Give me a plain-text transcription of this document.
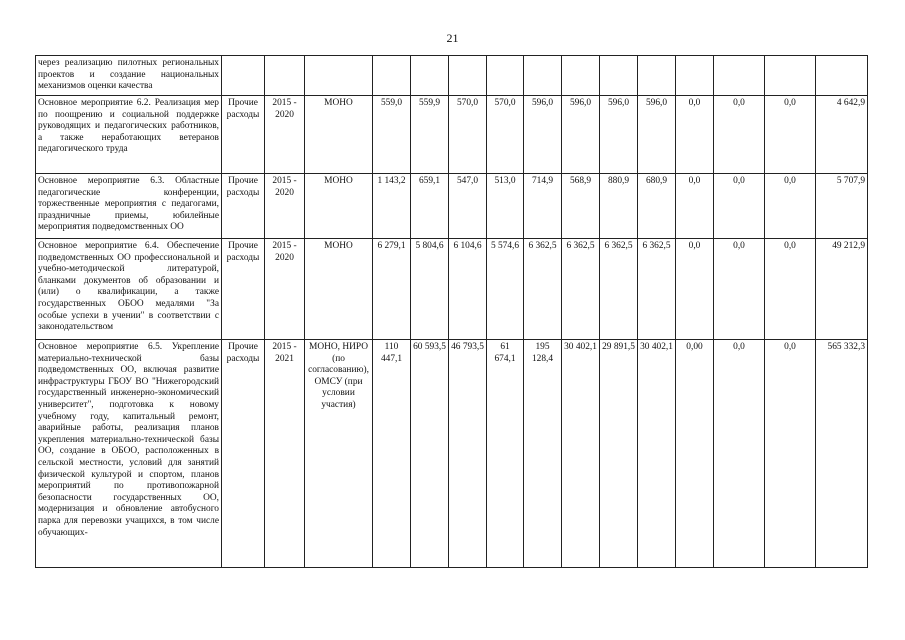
21
через реализацию пилотных региональных проектов и создание национальных механизмов оценки качества															
Основное мероприятие 6.2. Реализация мер по поощрению и социальной поддержке руководящих и педагогических работников, а также неработающих ветеранов педагогического труда	Прочие расходы	2015 - 2020	МОНО	559,0	559,9	570,0	570,0	596,0	596,0	596,0	596,0	0,0	0,0	0,0	4 642,9
Основное мероприятие 6.3. Областные педагогические конференции, торжественные мероприятия с педагогами, праздничные приемы, юбилейные мероприятия подведомственных ОО	Прочие расходы	2015 - 2020	МОНО	1 143,2	659,1	547,0	513,0	714,9	568,9	880,9	680,9	0,0	0,0	0,0	5 707,9
Основное мероприятие 6.4. Обеспечение подведомственных ОО профессиональной и учебно-методической литературой, бланками документов об образовании и (или) о квалификации, а также государственных ОБОО медалями "За особые успехи в учении" в соответствии с законодательством	Прочие расходы	2015 - 2020	МОНО	6 279,1	5 804,6	6 104,6	5 574,6	6 362,5	6 362,5	6 362,5	6 362,5	0,0	0,0	0,0	49 212,9
Основное мероприятие 6.5. Укрепление материально-технической базы подведомственных ОО, включая развитие инфраструктуры ГБОУ ВО "Нижегородский государственный инженерно-экономический университет", подготовка к новому учебному году, капитальный ремонт, аварийные работы, реализация планов укрепления материально-технической базы ОО, создание в ОБОО, расположенных в сельской местности, условий для занятий физической культурой и спортом, планов мероприятий по противопожарной безопасности государственных ОО, модернизация и обновление автобусного парка для перевозки учащихся, в том числе обучающих-	Прочие расходы	2015 - 2021	МОНО, НИРО (по согласованию), ОМСУ (при условии участия)	110 447,1	60 593,5	46 793,5	61 674,1	195 128,4	30 402,1	29 891,5	30 402,1	0,00	0,0	0,0	565 332,3
